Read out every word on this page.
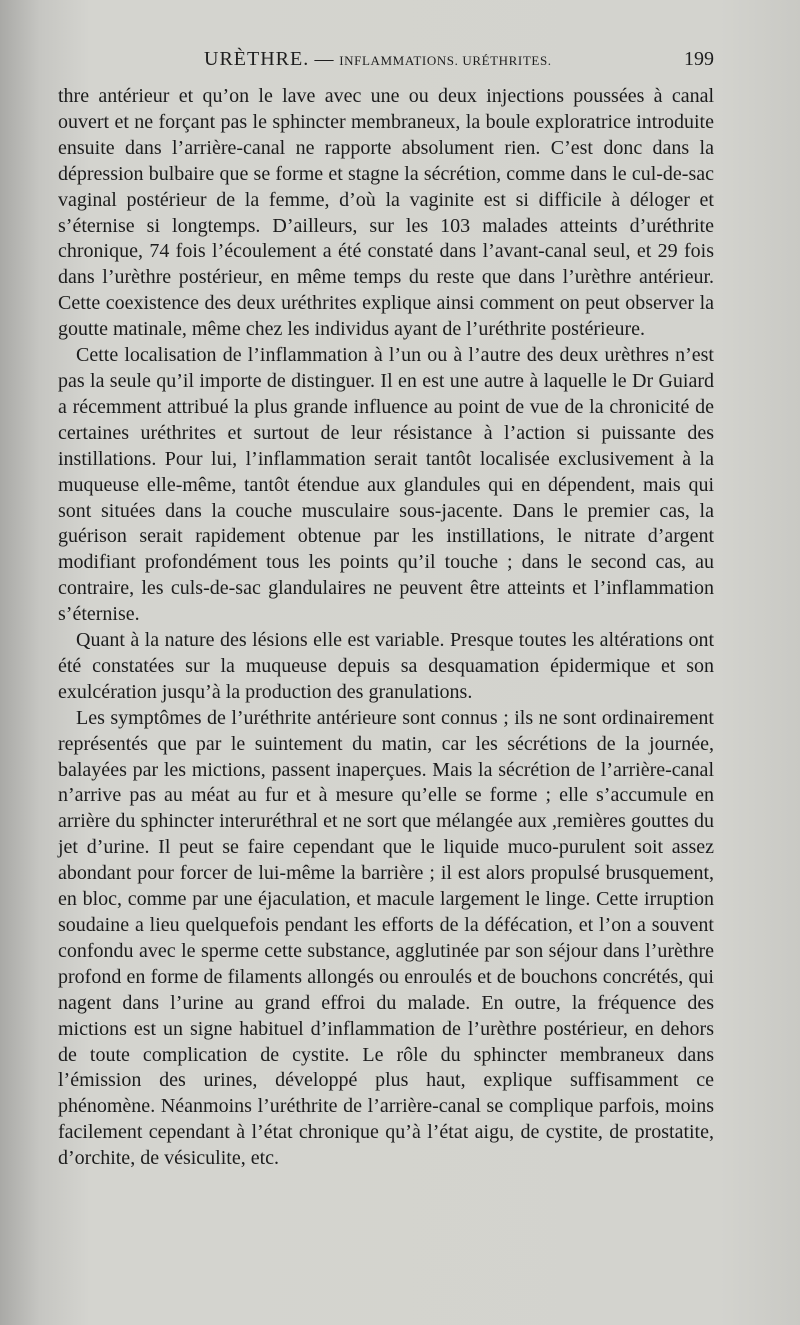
URÈTHRE. — INFLAMMATIONS. URÉTHRITES.	199

thre antérieur et qu’on le lave avec une ou deux injections poussées à canal ouvert et ne forçant pas le sphincter membraneux, la boule exploratrice introduite ensuite dans l’arrière-canal ne rapporte absolument rien. C’est donc dans la dépression bulbaire que se forme et stagne la sécrétion, comme dans le cul-de-sac vaginal postérieur de la femme, d’où la vaginite est si difficile à déloger et s’éternise si longtemps. D’ailleurs, sur les 103 malades atteints d’uréthrite chronique, 74 fois l’écoulement a été constaté dans l’avant-canal seul, et 29 fois dans l’urèthre postérieur, en même temps du reste que dans l’urèthre antérieur. Cette coexistence des deux uréthrites explique ainsi comment on peut observer la goutte matinale, même chez les individus ayant de l’uréthrite postérieure.

Cette localisation de l’inflammation à l’un ou à l’autre des deux urèthres n’est pas la seule qu’il importe de distinguer. Il en est une autre à laquelle le Dr Guiard a récemment attribué la plus grande influence au point de vue de la chronicité de certaines uréthrites et surtout de leur résistance à l’action si puissante des instillations. Pour lui, l’inflammation serait tantôt localisée exclusivement à la muqueuse elle-même, tantôt étendue aux glandules qui en dépendent, mais qui sont situées dans la couche musculaire sous-jacente. Dans le premier cas, la guérison serait rapidement obtenue par les instillations, le nitrate d’argent modifiant profondément tous les points qu’il touche ; dans le second cas, au contraire, les culs-de-sac glandulaires ne peuvent être atteints et l’inflammation s’éternise.

Quant à la nature des lésions elle est variable. Presque toutes les altérations ont été constatées sur la muqueuse depuis sa desquamation épidermique et son exulcération jusqu’à la production des granulations.

Les symptômes de l’uréthrite antérieure sont connus ; ils ne sont ordinairement représentés que par le suintement du matin, car les sécrétions de la journée, balayées par les mictions, passent inaperçues. Mais la sécrétion de l’arrière-canal n’arrive pas au méat au fur et à mesure qu’elle se forme ; elle s’accumule en arrière du sphincter interuréthral et ne sort que mélangée aux ,remières gouttes du jet d’urine. Il peut se faire cependant que le liquide muco-purulent soit assez abondant pour forcer de lui-même la barrière ; il est alors propulsé brusquement, en bloc, comme par une éjaculation, et macule largement le linge. Cette irruption soudaine a lieu quelquefois pendant les efforts de la défécation, et l’on a souvent confondu avec le sperme cette substance, agglutinée par son séjour dans l’urèthre profond en forme de filaments allongés ou enroulés et de bouchons concrétés, qui nagent dans l’urine au grand effroi du malade. En outre, la fréquence des mictions est un signe habituel d’inflammation de l’urèthre postérieur, en dehors de toute complication de cystite. Le rôle du sphincter membraneux dans l’émission des urines, développé plus haut, explique suffisamment ce phénomène. Néanmoins l’uréthrite de l’arrière-canal se complique parfois, moins facilement cependant à l’état chronique qu’à l’état aigu, de cystite, de prostatite, d’orchite, de vésiculite, etc.
